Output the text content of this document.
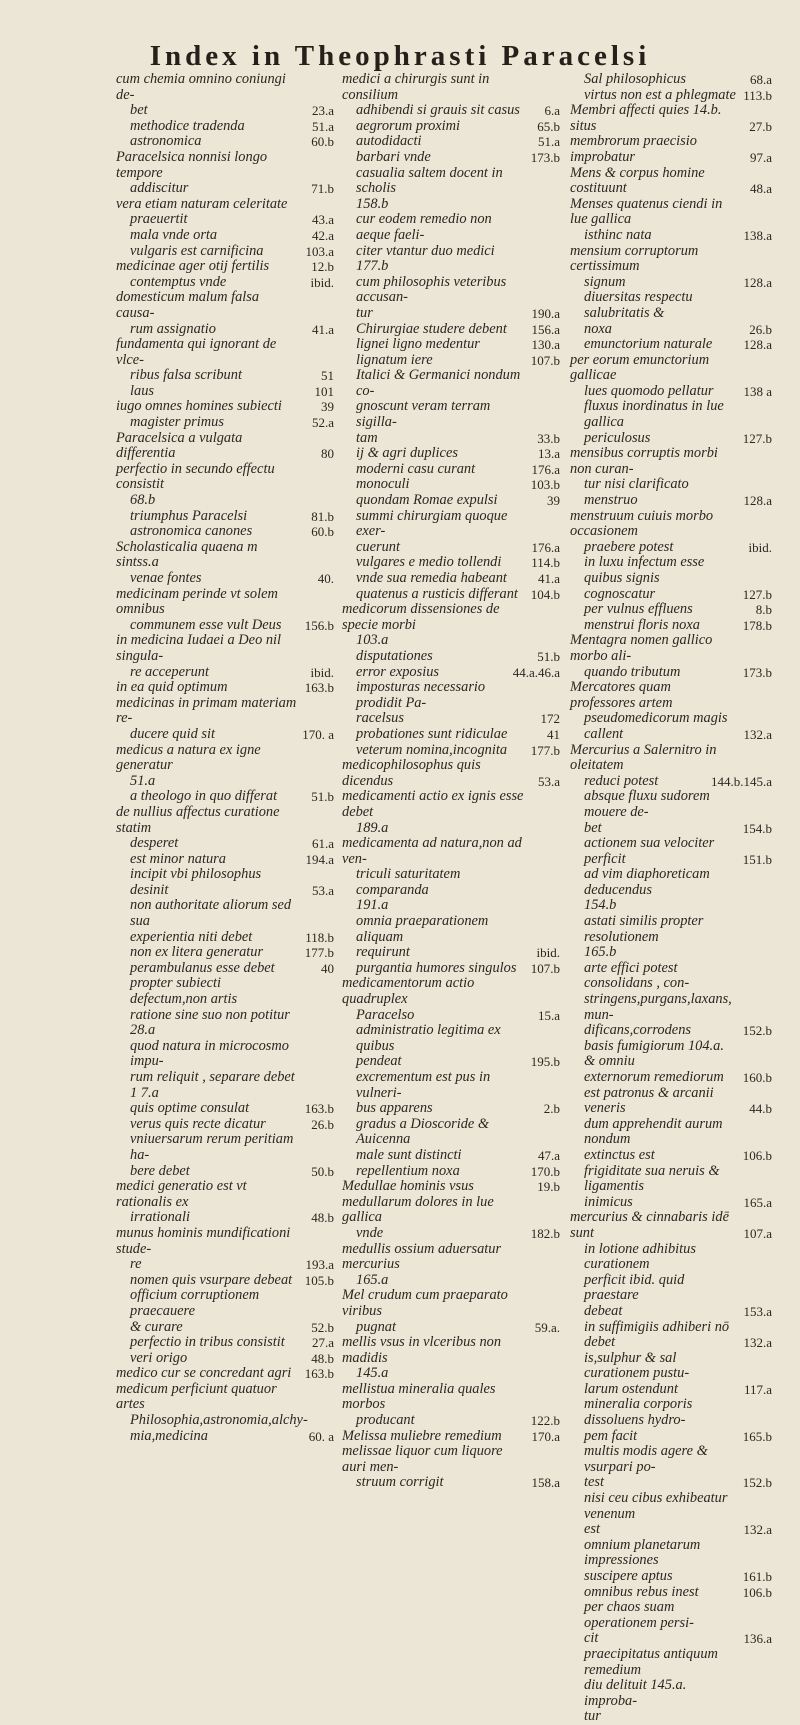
Index in Theophrasti Paracelsi
cum chemia omnino coniungi de-
bet	23.a
methodice tradenda	51.a
astronomica	60.b
Paracelsica nonnisi longo tempore
addiscitur	71.b
vera etiam naturam celeritate
praeuertit	43.a
mala vnde orta	42.a
vulgaris est carnificina	103.a
medicinae ager otij fertilis	12.b
contemptus vnde	ibid.
domesticum malum falsa causa-
rum assignatio	41.a
fundamenta qui ignorant de vlce-
ribus falsa scribunt	51
laus	101
iugo omnes homines subiecti	39
magister primus	52.a
Paracelsica a vulgata differentia	80
perfectio in secundo effectu consistit
68.b
triumphus Paracelsi	81.b
astronomica canones	60.b
Scholasticalia quaena m sintss.a
venae fontes	40.
medicinam perinde vt solem omnibus
communem esse vult Deus	156.b
in medicina Iudaei a Deo nil singula-
re acceperunt	ibid.
in ea quid optimum	163.b
medicinas in primam materiam re-
ducere quid sit	170. a
medicus a natura ex igne generatur
51.a
a theologo in quo differat	51.b
de nullius affectus curatione statim
desperet	61.a
est minor natura	194.a
incipit vbi philosophus desinit	53.a
non authoritate aliorum sed sua
experientia niti debet	118.b
non ex litera generatur	177.b
perambulanus esse debet	40
propter subiecti defectum,non artis
ratione sine suo non potitur
28.a
quod natura in microcosmo impu-
rum reliquit , separare debet
1 7.a
quis optime consulat	163.b
verus quis recte dicatur	26.b
vniuersarum rerum peritiam ha-
bere debet	50.b
medici generatio est vt rationalis ex
irrationali	48.b
munus hominis mundificationi stude-
re	193.a
nomen quis vsurpare debeat 105.b
officium corruptionem praecauere
& curare	52.b
perfectio in tribus consistit	27.a
veri origo	48.b
medico cur se concredant agri	163.b
medicum perficiunt quatuor artes
Philosophia,astronomia,alchy-
mia,medicina	60. a
medici a chirurgis sunt in consilium
adhibendi si grauis sit casus	6.a
aegrorum proximi	65.b
autodidacti	51.a
barbari vnde	173.b
casualia saltem docent in scholis
158.b
cur eodem remedio non aeque faeli-
citer vtantur duo medici
177.b
cum philosophis veteribus accusan-
tur	190.a
Chirurgiae studere debent	156.a
lignei ligno medentur	130.a
lignatum iere	107.b
Italici & Germanici nondum co-
gnoscunt veram terram sigilla-
tam	33.b
ij & agri duplices	13.a
moderni casu curant	176.a
monoculi	103.b
quondam Romae expulsi	39
summi chirurgiam quoque exer-
cuerunt	176.a
vulgares e medio tollendi	114.b
vnde sua remedia habeant	41.a
quatenus a rusticis differant 104.b
medicorum dissensiones de specie morbi
103.a
disputationes	51.b
error exposius	44.a.46.a
imposturas necessario prodidit Pa-
racelsus	172
probationes sunt ridiculae	41
veterum nomina,incognita	177.b
medicophilosophus quis dicendus	53.a
medicamenti actio ex ignis esse debet
189.a
medicamenta ad natura,non ad ven-
triculi saturitatem comparanda
191.a
omnia praeparationem aliquam
requirunt	ibid.
purgantia humores singulos	107.b
medicamentorum actio quadruplex
Paracelso	15.a
administratio legitima ex quibus
pendeat	195.b
excrementum est pus in vulneri-
bus apparens	2.b
gradus a Dioscoride & Auicenna
male sunt distincti	47.a
repellentium noxa	170.b
Medullae hominis vsus	19.b
medullarum dolores in lue gallica
vnde	182.b
medullis ossium aduersatur mercurius
165.a
Mel crudum cum praeparato viribus
pugnat	59.a.
mellis vsus in vlceribus non madidis
145.a
mellistua mineralia quales morbos
producant	122.b
Melissa muliebre remedium	170.a
melissae liquor cum liquore auri men-
struum corrigit	158.a
Sal philosophicus	68.a
virtus non est a phlegmate 113.b
Membri affecti quies 14.b. situs	27.b
membrorum praecisio improbatur	97.a
Mens & corpus homine costituunt	48.a
Menses quatenus ciendi in lue gallica
isthinc nata	138.a
mensium corruptorum certissimum
signum	128.a
diuersitas respectu salubritatis &
noxa	26.b
emunctorium naturale	128.a
per eorum emunctorium gallicae
lues quomodo pellatur	138 a
fluxus inordinatus in lue gallica
periculosus	127.b
mensibus corruptis morbi non curan-
tur nisi clarificato menstruo	128.a
menstruum cuiuis morbo occasionem
praebere potest	ibid.
in luxu infectum esse quibus signis
cognoscatur	127.b
per vulnus effluens	8.b
menstrui floris noxa	178.b
Mentagra nomen gallico morbo ali-
quando tributum	173.b
Mercatores quam professores artem
pseudomedicorum magis callent	132.a
Mercurius a Salernitro in oleitatem
reduci potest	144.b.145.a
absque fluxu sudorem mouere de-
bet	154.b
actionem sua velociter perficit	151.b
ad vim diaphoreticam deducendus
154.b
astati similis propter resolutionem
165.b
arte effici potest consolidans , con-
stringens,purgans,laxans, mun-
dificans,corrodens	152.b
basis fumigiorum 104.a. & omniu
externorum remediorum	160.b
est patronus & arcanii veneris	44.b
dum apprehendit aurum nondum
extinctus est	106.b
frigiditate sua neruis & ligamentis
inimicus	165.a
mercurius & cinnabaris idē sunt	107.a
in lotione adhibitus curationem
perficit ibid. quid praestare
debeat	153.a
in suffimigiis adhiberi nō debet	132.a
is,sulphur & sal curationem pustu-
larum ostendunt	117.a
mineralia corporis dissoluens hydro-
pem facit	165.b
multis modis agere & vsurpari po-
test	152.b
nisi ceu cibus exhibeatur venenum
est	132.a
omnium planetarum impressiones
suscipere aptus	161.b
omnibus rebus inest	106.b
per chaos suam operationem persi-
cit	136.a
praecipitatus antiquum remedium
diu delituit 145.a. improba-
tur
